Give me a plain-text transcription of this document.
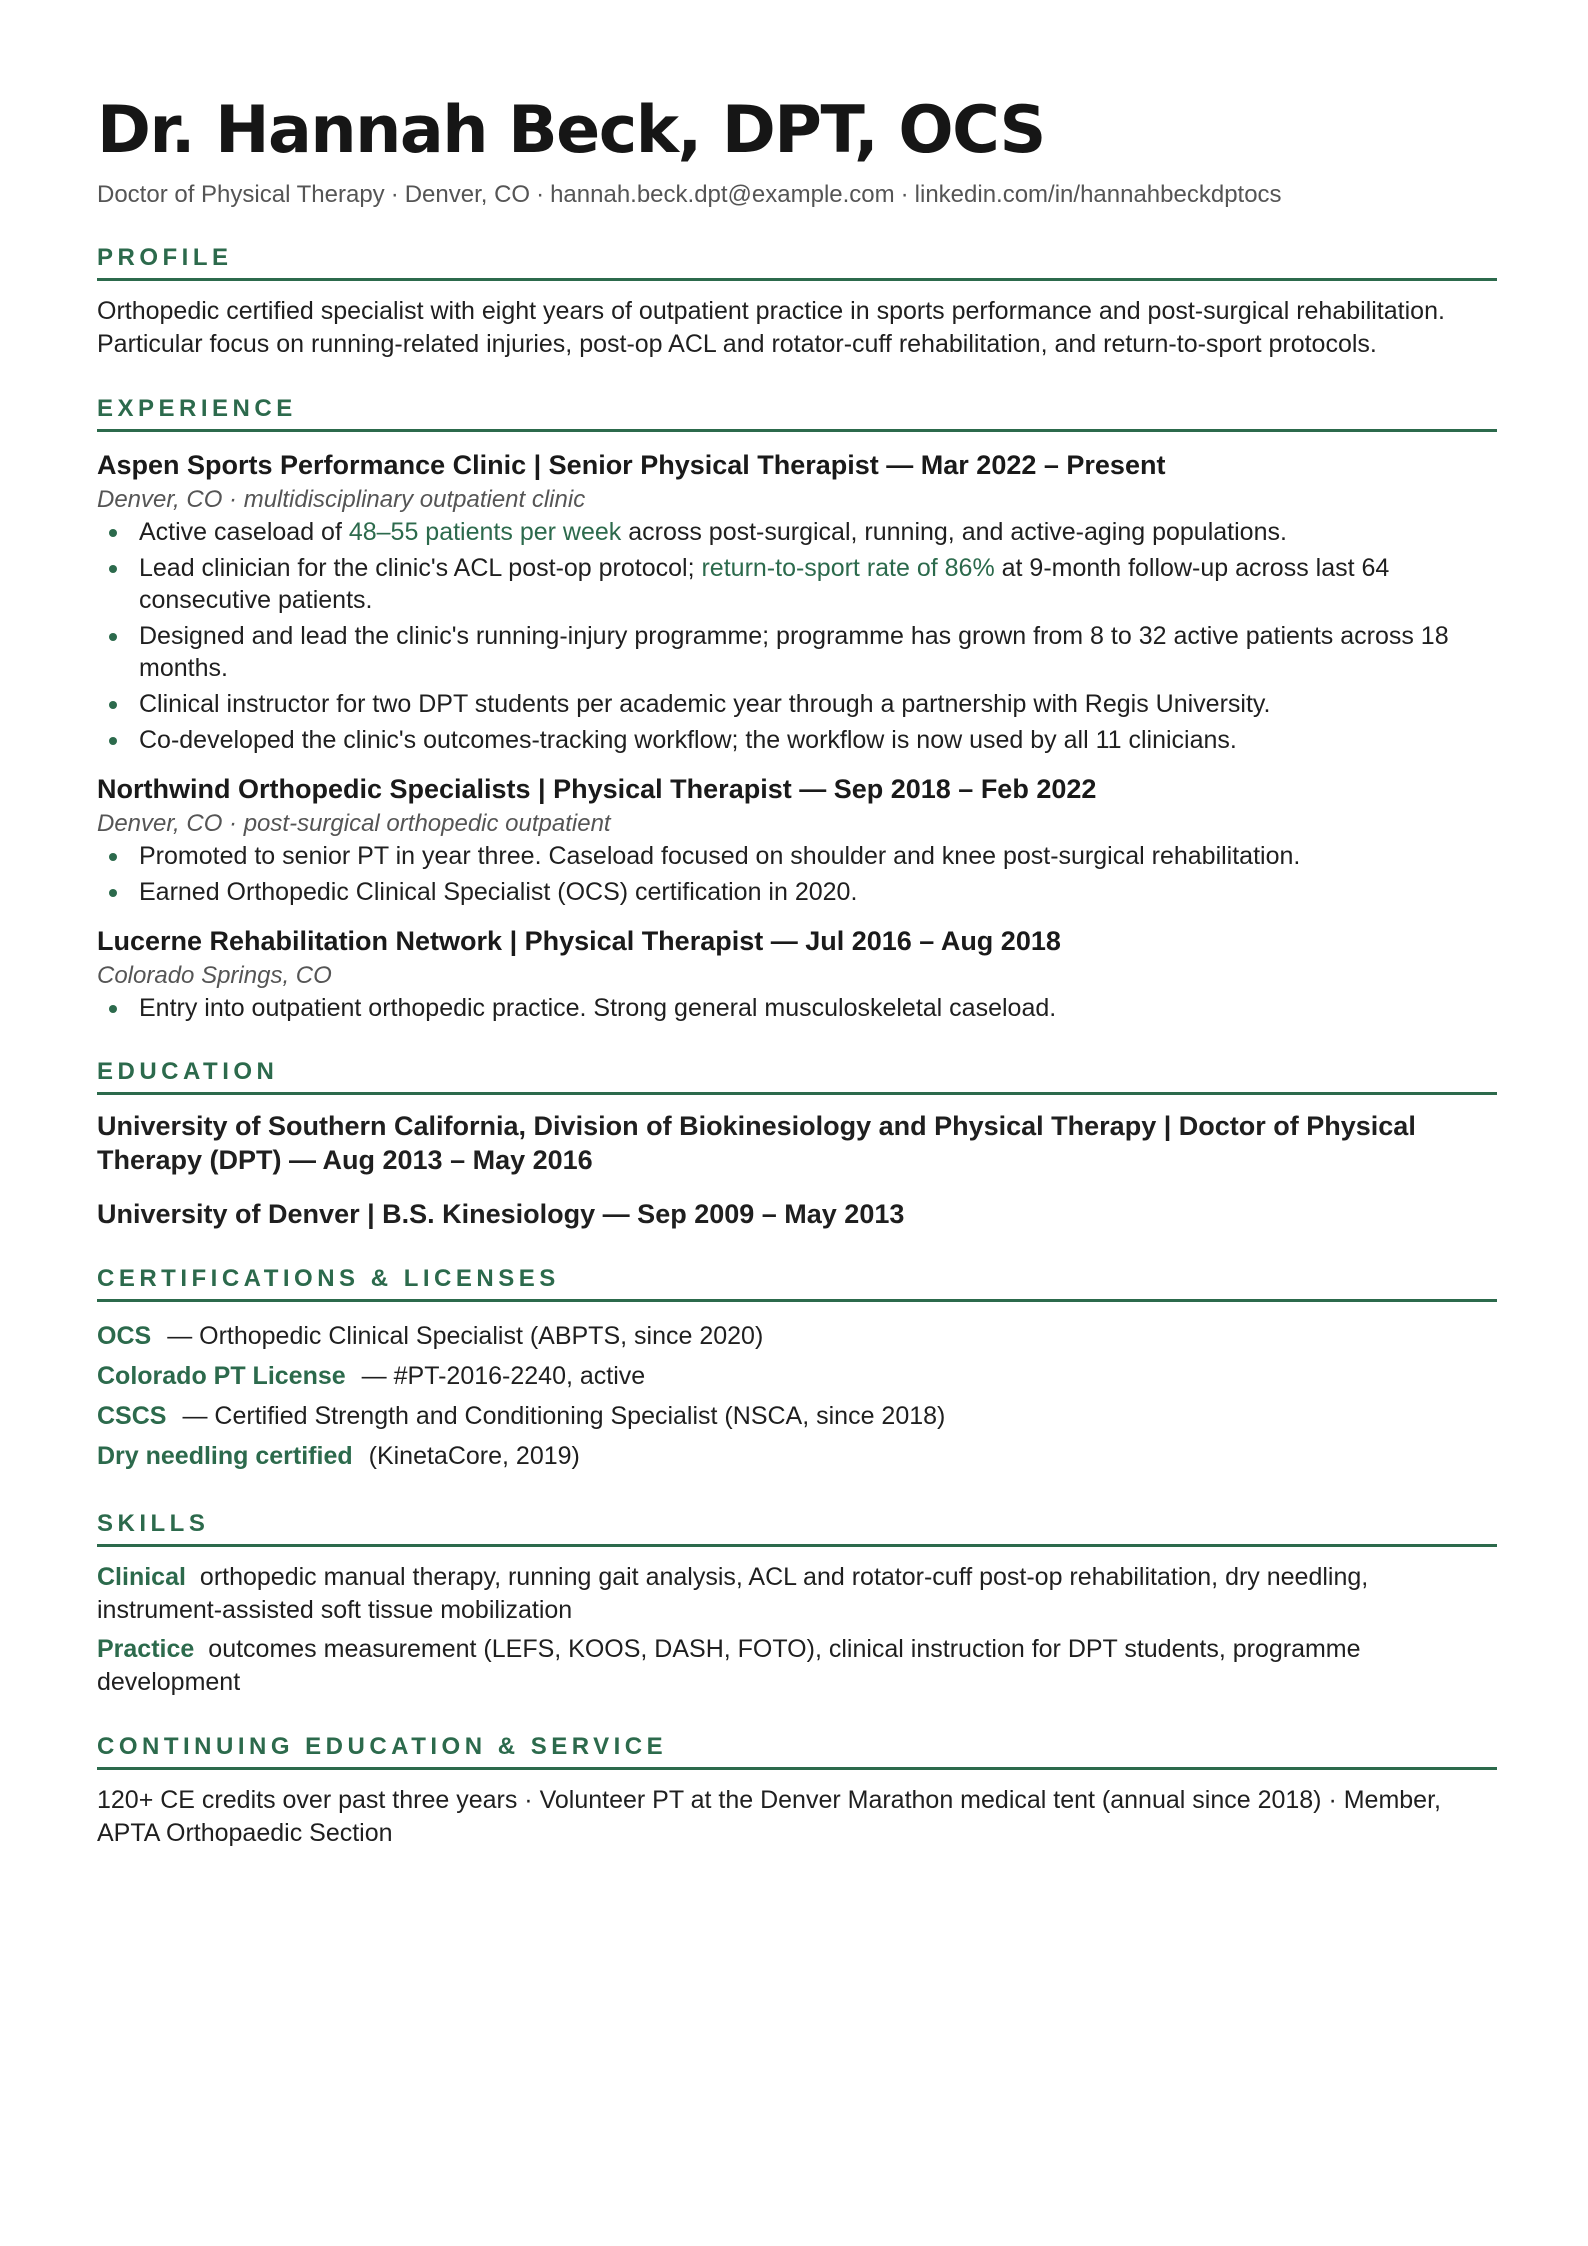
Dr. Hannah Beck, DPT, OCS
Doctor of Physical Therapy · Denver, CO · hannah.beck.dpt@example.com · linkedin.com/in/hannahbeckdptocs
PROFILE

Orthopedic certified specialist with eight years of outpatient practice in sports performance and post-surgical rehabilitation. Particular focus on running-related injuries, post-op ACL and rotator-cuff rehabilitation, and return-to-sport protocols.

EXPERIENCE
Aspen Sports Performance Clinic | Senior Physical Therapist — Mar 2022 – Present
Denver, CO · multidisciplinary outpatient clinic
Active caseload of 48–55 patients per week across post-surgical, running, and active-aging populations.
Lead clinician for the clinic's ACL post-op protocol; return-to-sport rate of 86% at 9-month follow-up across last 64 consecutive patients.
Designed and lead the clinic's running-injury programme; programme has grown from 8 to 32 active patients across 18 months.
Clinical instructor for two DPT students per academic year through a partnership with Regis University.
Co-developed the clinic's outcomes-tracking workflow; the workflow is now used by all 11 clinicians.
Northwind Orthopedic Specialists | Physical Therapist — Sep 2018 – Feb 2022
Denver, CO · post-surgical orthopedic outpatient
Promoted to senior PT in year three. Caseload focused on shoulder and knee post-surgical rehabilitation.
Earned Orthopedic Clinical Specialist (OCS) certification in 2020.
Lucerne Rehabilitation Network | Physical Therapist — Jul 2016 – Aug 2018
Colorado Springs, CO
Entry into outpatient orthopedic practice. Strong general musculoskeletal caseload.
EDUCATION
University of Southern California, Division of Biokinesiology and Physical Therapy | Doctor of Physical Therapy (DPT) — Aug 2013 – May 2016
University of Denver | B.S. Kinesiology — Sep 2009 – May 2013
CERTIFICATIONS & LICENSES
OCS — Orthopedic Clinical Specialist (ABPTS, since 2020)
Colorado PT License — #PT-2016-2240, active
CSCS — Certified Strength and Conditioning Specialist (NSCA, since 2018)
Dry needling certified (KinetaCore, 2019)
SKILLS
Clinical orthopedic manual therapy, running gait analysis, ACL and rotator-cuff post-op rehabilitation, dry needling, instrument-assisted soft tissue mobilization
Practice outcomes measurement (LEFS, KOOS, DASH, FOTO), clinical instruction for DPT students, programme development
CONTINUING EDUCATION & SERVICE

120+ CE credits over past three years · Volunteer PT at the Denver Marathon medical tent (annual since 2018) · Member, APTA Orthopaedic Section
